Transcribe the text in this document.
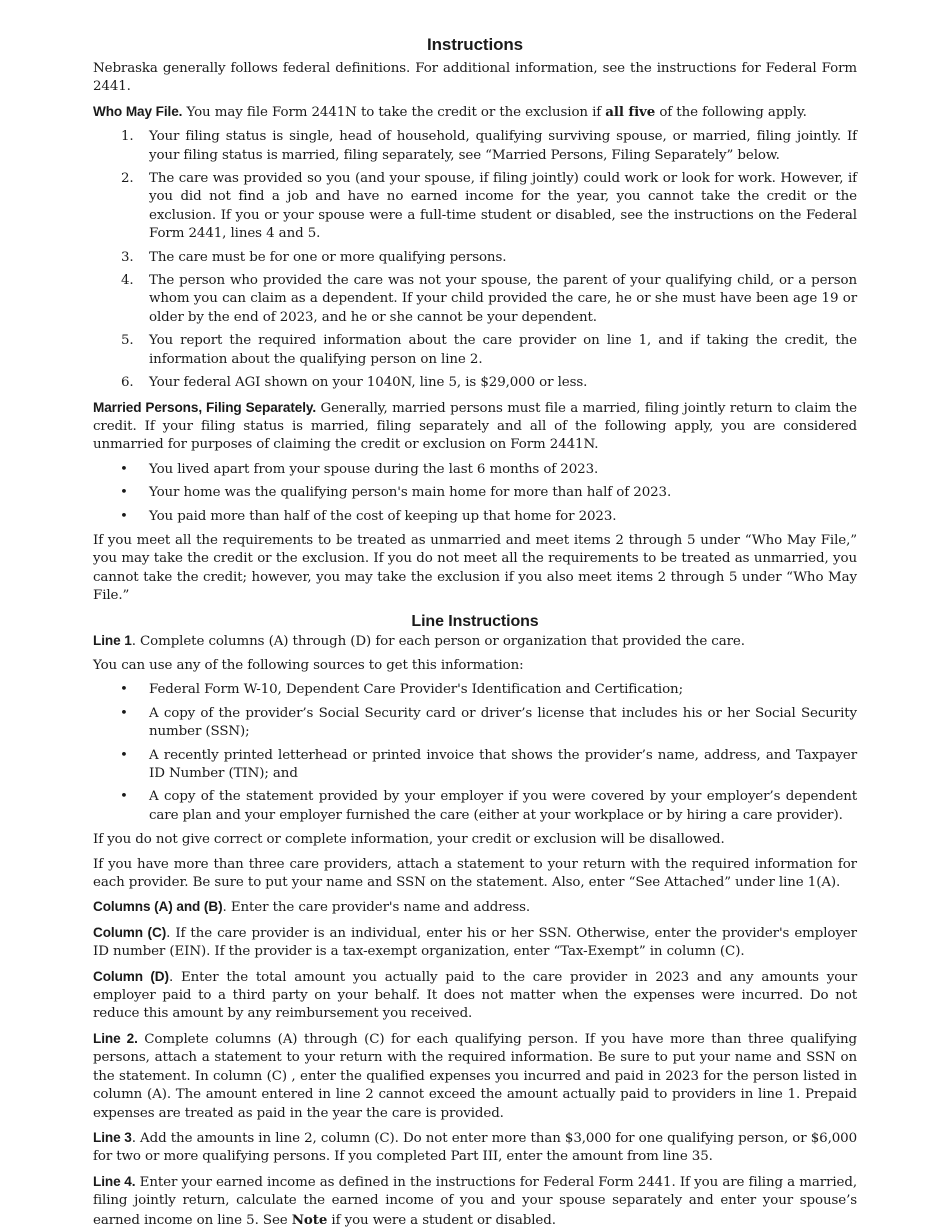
Instructions

Nebraska generally follows federal definitions. For additional information, see the instructions for Federal Form 2441.

Who May File. You may file Form 2441N to take the credit or the exclusion if all five of the following apply.

1. Your filing status is single, head of household, qualifying surviving spouse, or married, filing jointly. If your filing status is married, filing separately, see “Married Persons, Filing Separately” below.
2. The care was provided so you (and your spouse, if filing jointly) could work or look for work. However, if you did not find a job and have no earned income for the year, you cannot take the credit or the exclusion. If you or your spouse were a full-time student or disabled, see the instructions on the Federal Form 2441, lines 4 and 5.
3. The care must be for one or more qualifying persons.
4. The person who provided the care was not your spouse, the parent of your qualifying child, or a person whom you can claim as a dependent. If your child provided the care, he or she must have been age 19 or older by the end of 2023, and he or she cannot be your dependent.
5. You report the required information about the care provider on line 1, and if taking the credit, the information about the qualifying person on line 2.
6. Your federal AGI shown on your 1040N, line 5, is $29,000 or less.

Married Persons, Filing Separately. Generally, married persons must file a married, filing jointly return to claim the credit. If your filing status is married, filing separately and all of the following apply, you are considered unmarried for purposes of claiming the credit or exclusion on Form 2441N.

• You lived apart from your spouse during the last 6 months of 2023.
• Your home was the qualifying person's main home for more than half of 2023.
• You paid more than half of the cost of keeping up that home for 2023.

If you meet all the requirements to be treated as unmarried and meet items 2 through 5 under “Who May File,” you may take the credit or the exclusion. If you do not meet all the requirements to be treated as unmarried, you cannot take the credit; however, you may take the exclusion if you also meet items 2 through 5 under “Who May File.”

Line Instructions

Line 1. Complete columns (A) through (D) for each person or organization that provided the care.

You can use any of the following sources to get this information:

• Federal Form W-10, Dependent Care Provider's Identification and Certification;
• A copy of the provider’s Social Security card or driver’s license that includes his or her Social Security number (SSN);
• A recently printed letterhead or printed invoice that shows the provider’s name, address, and Taxpayer ID Number (TIN); and
• A copy of the statement provided by your employer if you were covered by your employer’s dependent care plan and your employer furnished the care (either at your workplace or by hiring a care provider).

If you do not give correct or complete information, your credit or exclusion will be disallowed.

If you have more than three care providers, attach a statement to your return with the required information for each provider. Be sure to put your name and SSN on the statement. Also, enter “See Attached” under line 1(A).

Columns (A) and (B). Enter the care provider's name and address.

Column (C). If the care provider is an individual, enter his or her SSN. Otherwise, enter the provider's employer ID number (EIN). If the provider is a tax-exempt organization, enter “Tax-Exempt” in column (C).

Column (D). Enter the total amount you actually paid to the care provider in 2023 and any amounts your employer paid to a third party on your behalf. It does not matter when the expenses were incurred. Do not reduce this amount by any reimbursement you received.

Line 2. Complete columns (A) through (C) for each qualifying person. If you have more than three qualifying persons, attach a statement to your return with the required information. Be sure to put your name and SSN on the statement. In column (C) , enter the qualified expenses you incurred and paid in 2023 for the person listed in column (A). The amount entered in line 2 cannot exceed the amount actually paid to providers in line 1. Prepaid expenses are treated as paid in the year the care is provided.

Line 3. Add the amounts in line 2, column (C). Do not enter more than $3,000 for one qualifying person, or $6,000 for two or more qualifying persons. If you completed Part III, enter the amount from line 35.

Line 4. Enter your earned income as defined in the instructions for Federal Form 2441. If you are filing a married, filing jointly return, calculate the earned income of you and your spouse separately and enter your spouse’s earned income on line 5. See Note if you were a student or disabled.
